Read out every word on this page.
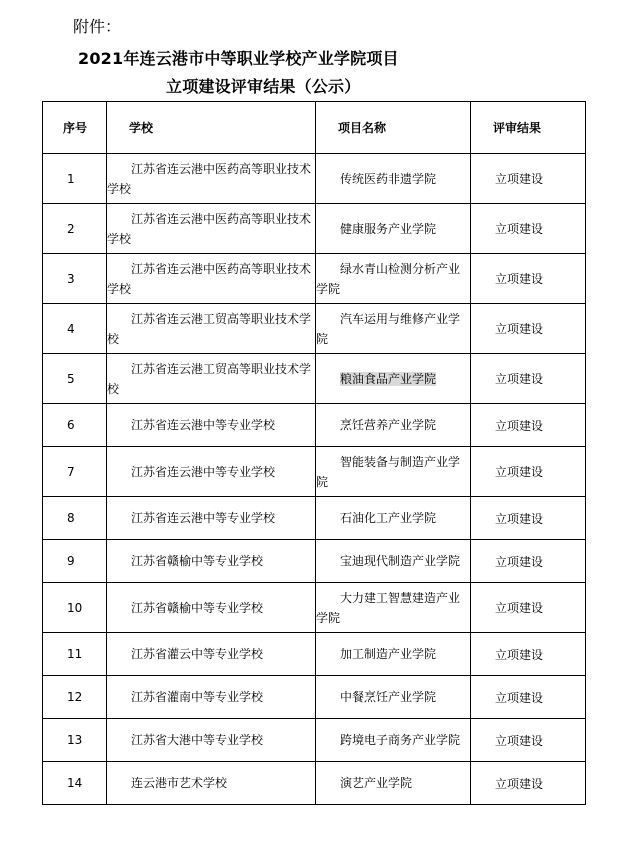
附件：
2021年连云港市中等职业学校产业学院项目
立项建设评审结果（公示）
序号	学校	项目名称	评审结果
1	江苏省连云港中医药高等职业技术学校	传统医药非遗学院	立项建设
2	江苏省连云港中医药高等职业技术学校	健康服务产业学院	立项建设
3	江苏省连云港中医药高等职业技术学校	绿水青山检测分析产业学院	立项建设
4	江苏省连云港工贸高等职业技术学校	汽车运用与维修产业学院	立项建设
5	江苏省连云港工贸高等职业技术学校	粮油食品产业学院	立项建设
6	江苏省连云港中等专业学校	烹饪营养产业学院	立项建设
7	江苏省连云港中等专业学校	智能装备与制造产业学院	立项建设
8	江苏省连云港中等专业学校	石油化工产业学院	立项建设
9	江苏省赣榆中等专业学校	宝迪现代制造产业学院	立项建设
10	江苏省赣榆中等专业学校	大力建工智慧建造产业学院	立项建设
11	江苏省灌云中等专业学校	加工制造产业学院	立项建设
12	江苏省灌南中等专业学校	中餐烹饪产业学院	立项建设
13	江苏省大港中等专业学校	跨境电子商务产业学院	立项建设
14	连云港市艺术学校	演艺产业学院	立项建设
